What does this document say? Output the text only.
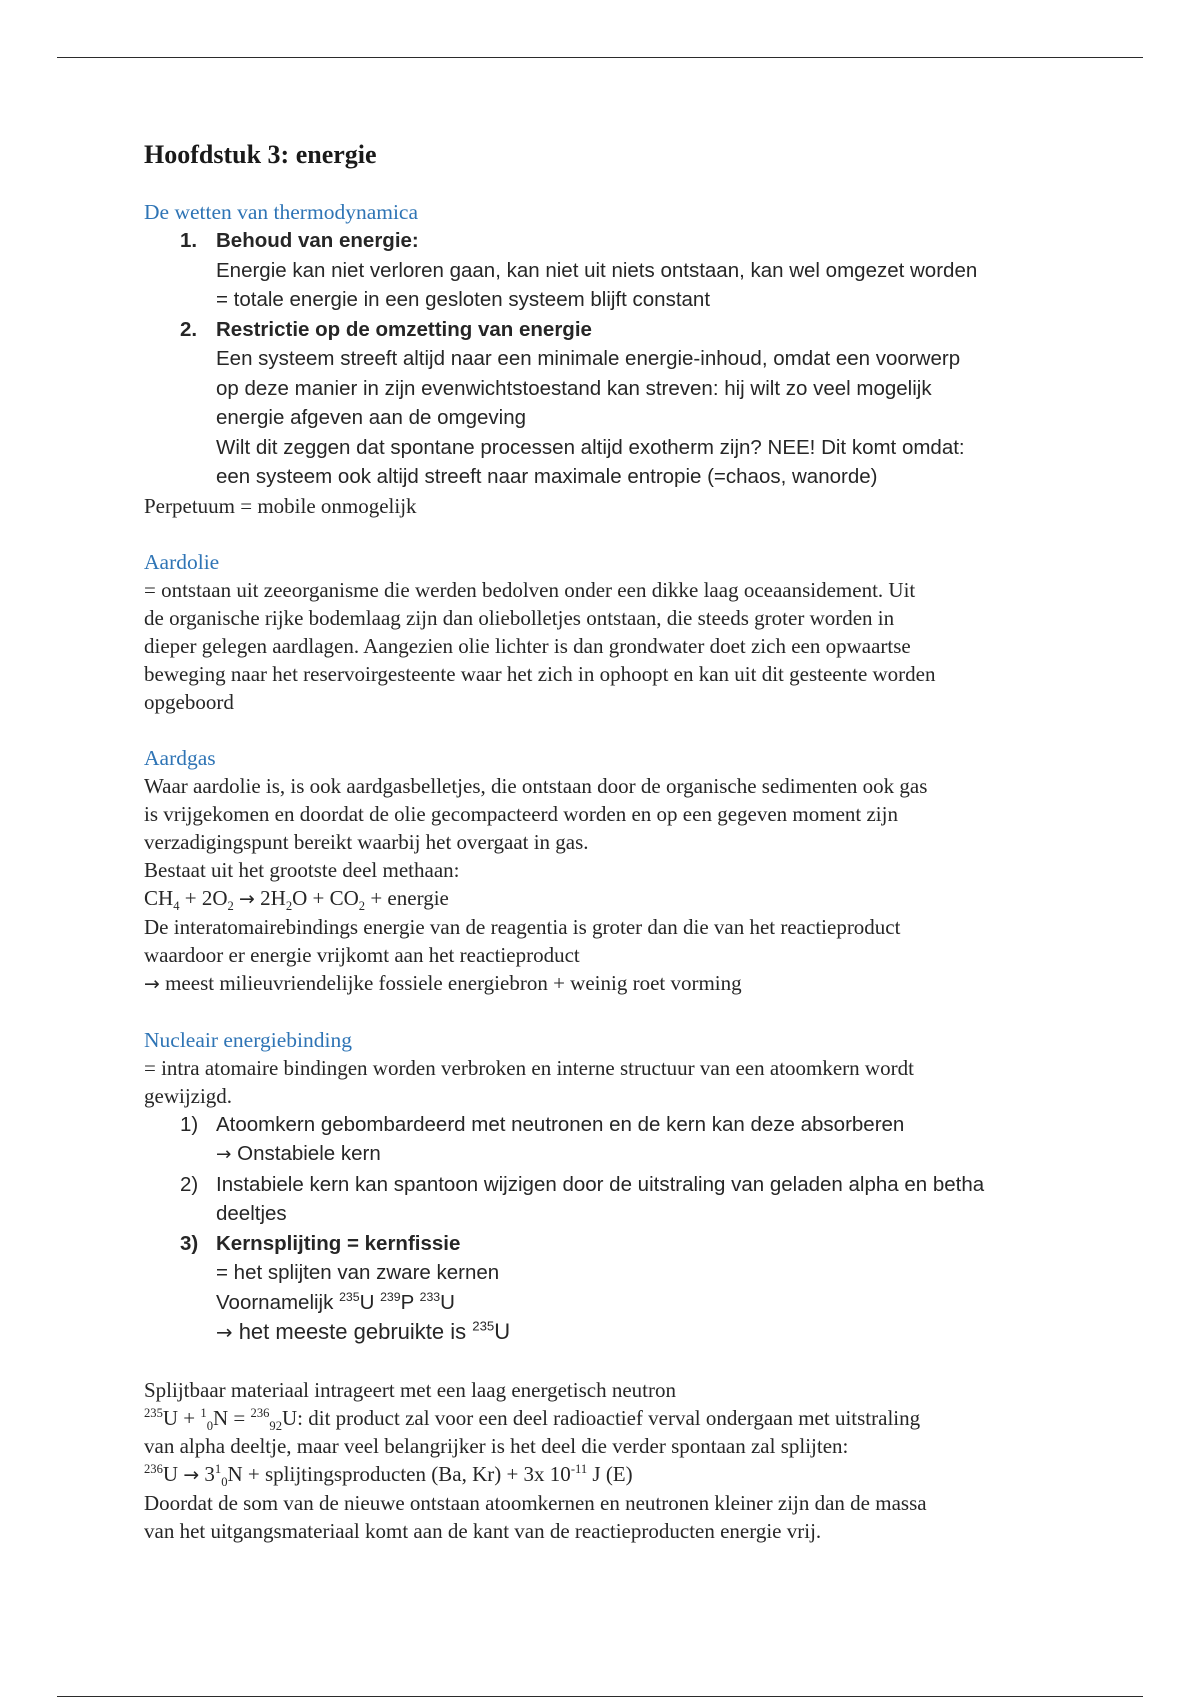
Hoofdstuk 3: energie

De wetten van thermodynamica

1. Behoud van energie:
Energie kan niet verloren gaan, kan niet uit niets ontstaan, kan wel omgezet worden
= totale energie in een gesloten systeem blijft constant
2. Restrictie op de omzetting van energie
Een systeem streeft altijd naar een minimale energie-inhoud, omdat een voorwerp
op deze manier in zijn evenwichtstoestand kan streven: hij wilt zo veel mogelijk
energie afgeven aan de omgeving
Wilt dit zeggen dat spontane processen altijd exotherm zijn? NEE! Dit komt omdat:
een systeem ook altijd streeft naar maximale entropie (=chaos, wanorde)

Perpetuum = mobile onmogelijk

Aardolie

= ontstaan uit zeeorganisme die werden bedolven onder een dikke laag oceaansidement. Uit

de organische rijke bodemlaag zijn dan oliebolletjes ontstaan, die steeds groter worden in

dieper gelegen aardlagen. Aangezien olie lichter is dan grondwater doet zich een opwaartse

beweging naar het reservoirgesteente waar het zich in ophoopt en kan uit dit gesteente worden

opgeboord

Aardgas

Waar aardolie is, is ook aardgasbelletjes, die ontstaan door de organische sedimenten ook gas

is vrijgekomen en doordat de olie gecompacteerd worden en op een gegeven moment zijn

verzadigingspunt bereikt waarbij het overgaat in gas.

Bestaat uit het grootste deel methaan:

$CH_4 + 2O_2 \to 2H_2O + CO_2$ + energie

De interatomairebindings energie van de reagentia is groter dan die van het reactieproduct

waardoor er energie vrijkomt aan het reactieproduct

→ meest milieuvriendelijke fossiele energiebron + weinig roet vorming

Nucleair energiebinding

= intra atomaire bindingen worden verbroken en interne structuur van een atoomkern wordt

gewijzigd.

1) Atoomkern gebombardeerd met neutronen en de kern kan deze absorberen
→ Onstabiele kern
2) Instabiele kern kan spantoon wijzigen door de uitstraling van geladen alpha en betha
deeltjes
3) Kernsplijting = kernfissie
= het splijten van zware kernen
Voornamelijk $^{235}$U $^{239}$P $^{233}$U
→ het meeste gebruikte is $^{235}$U

Splijtbaar materiaal intrageert met een laag energetisch neutron

$^{235}$U + $^1_0$N = $^{236}_{92}$U: dit product zal voor een deel radioactief verval ondergaan met uitstraling

van alpha deeltje, maar veel belangrijker is het deel die verder spontaan zal splijten:

$^{236}U \to 3^1_0N$ + splijtingsproducten (Ba, Kr) + 3x $10^{-11}$ J (E)

Doordat de som van de nieuwe ontstaan atoomkernen en neutronen kleiner zijn dan de massa

van het uitgangsmateriaal komt aan de kant van de reactieproducten energie vrij.
